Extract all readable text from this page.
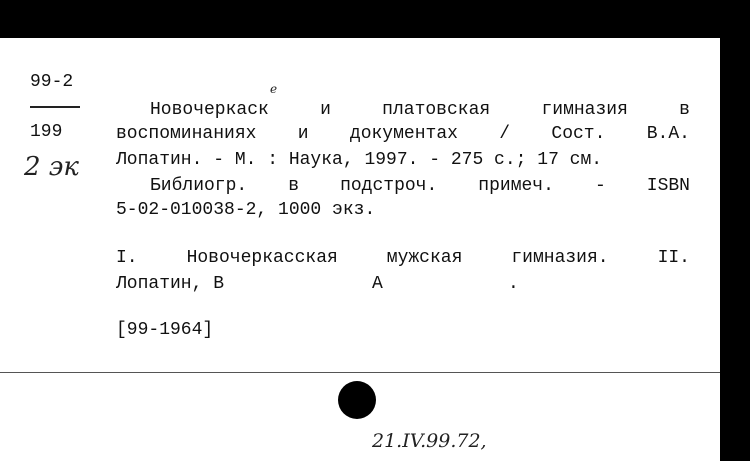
99-2
199
2 эк
e
Новочеркаск	и	платовская	гимназия	в
воспоминаниях и документах / Сост. В.А.
Лопатин. - М. : Наука, 1997. - 275 с.; 17 см.
Библиогр. в подстроч. примеч. - ISBN
5-02-010038-2, 1000 экз.
I.	Новочеркасская	мужская	гимназия.	II.
Лопатин, В	А	.
[99-1964]
21.IV.99.72,
